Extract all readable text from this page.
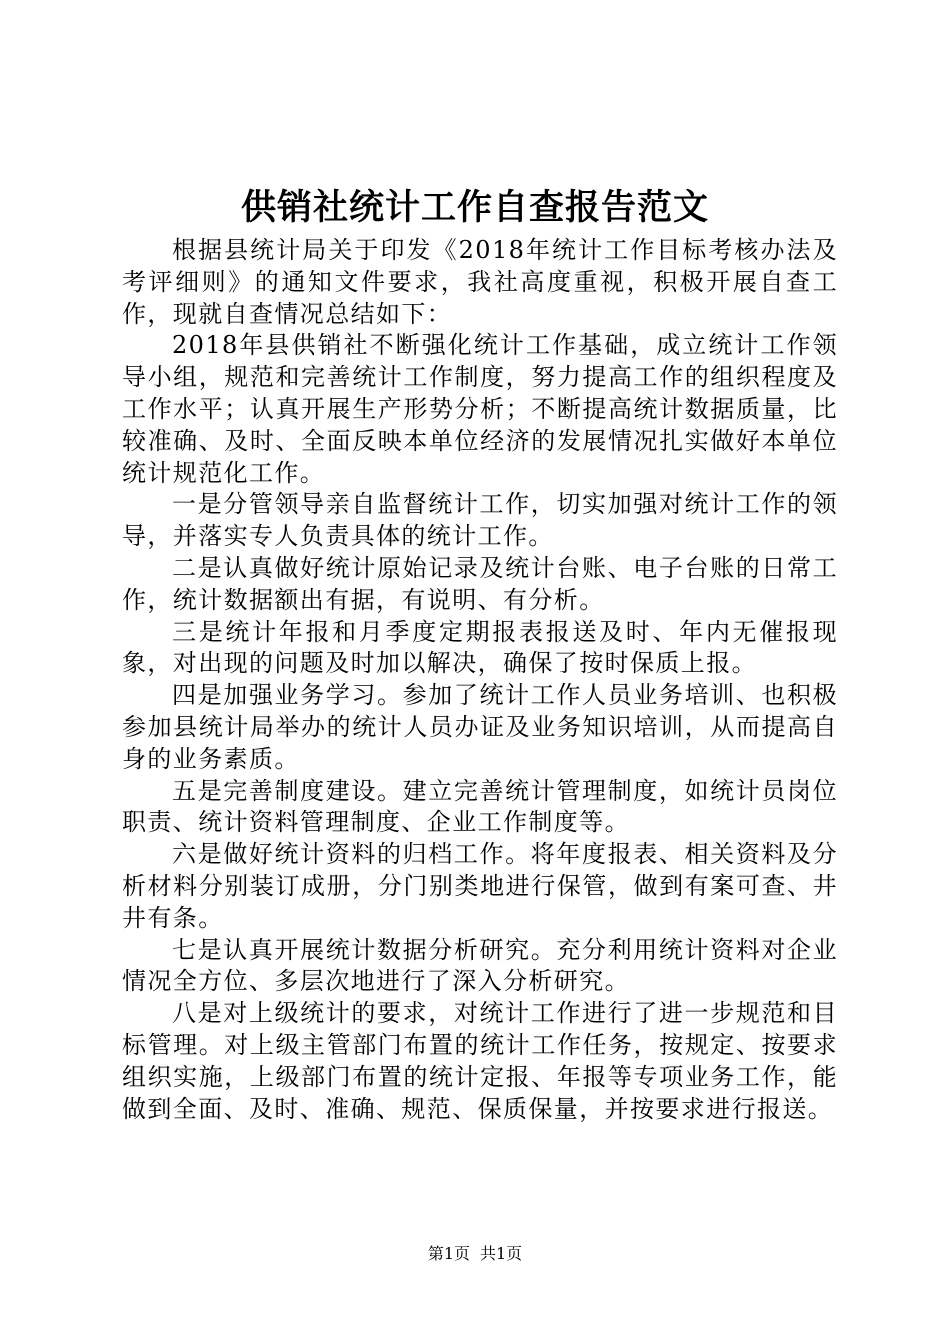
供销社统计工作自查报告范文

根据县统计局关于印发《2018年统计工作目标考核办法及考评细则》的通知文件要求，我社高度重视，积极开展自查工作，现就自查情况总结如下：

2018年县供销社不断强化统计工作基础，成立统计工作领导小组，规范和完善统计工作制度，努力提高工作的组织程度及工作水平；认真开展生产形势分析；不断提高统计数据质量，比较准确、及时、全面反映本单位经济的发展情况扎实做好本单位统计规范化工作。

一是分管领导亲自监督统计工作，切实加强对统计工作的领导，并落实专人负责具体的统计工作。

二是认真做好统计原始记录及统计台账、电子台账的日常工作，统计数据额出有据，有说明、有分析。

三是统计年报和月季度定期报表报送及时、年内无催报现象，对出现的问题及时加以解决，确保了按时保质上报。

四是加强业务学习。参加了统计工作人员业务培训、也积极参加县统计局举办的统计人员办证及业务知识培训，从而提高自身的业务素质。

五是完善制度建设。建立完善统计管理制度，如统计员岗位职责、统计资料管理制度、企业工作制度等。

六是做好统计资料的归档工作。将年度报表、相关资料及分析材料分别装订成册，分门别类地进行保管，做到有案可查、井井有条。

七是认真开展统计数据分析研究。充分利用统计资料对企业情况全方位、多层次地进行了深入分析研究。

八是对上级统计的要求，对统计工作进行了进一步规范和目标管理。对上级主管部门布置的统计工作任务，按规定、按要求组织实施，上级部门布置的统计定报、年报等专项业务工作，能做到全面、及时、准确、规范、保质保量，并按要求进行报送。

第1页 共1页
